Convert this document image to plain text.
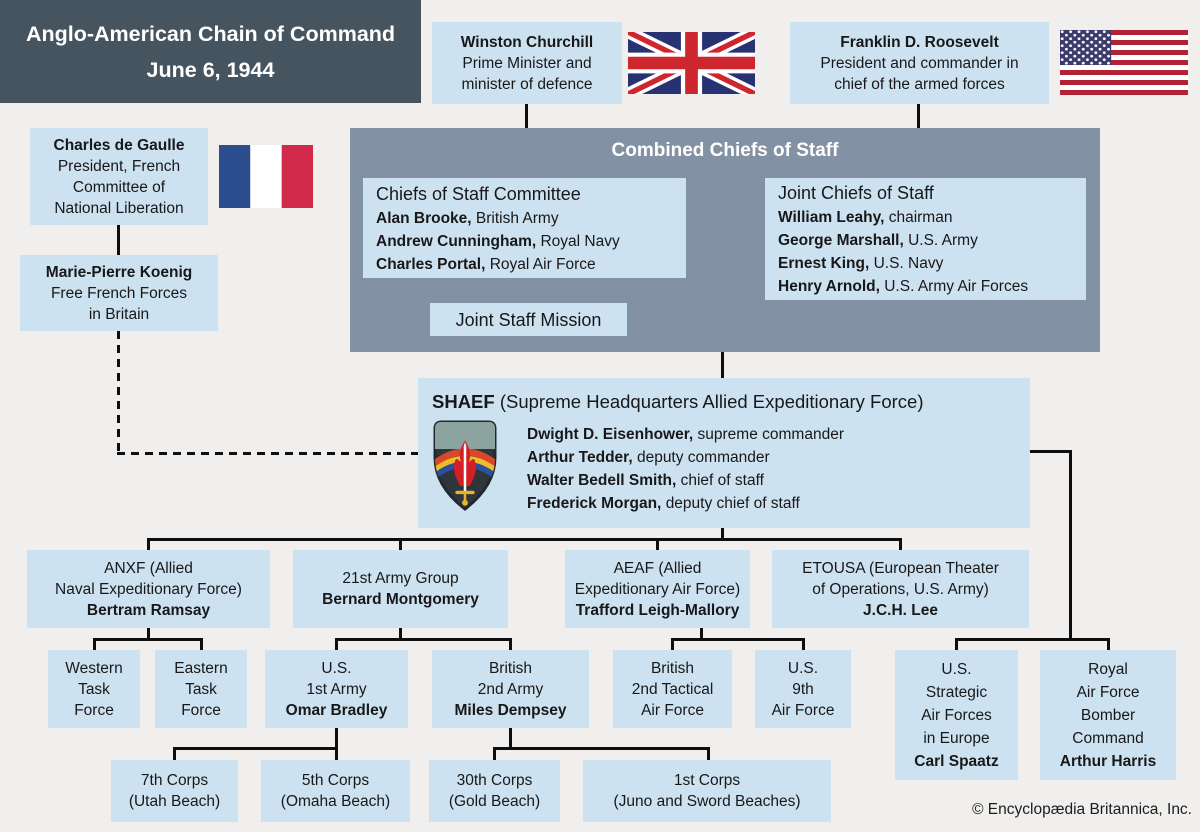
Anglo-American Chain of Command
June 6, 1944
Winston Churchill
Prime Minister and
minister of defence
Franklin D. Roosevelt
President and commander in
chief of the armed forces
Charles de Gaulle
President, French
Committee of
National Liberation
Marie-Pierre Koenig
Free French Forces
in Britain
Combined Chiefs of Staff
Chiefs of Staff Committee
Alan Brooke, British Army
Andrew Cunningham, Royal Navy
Charles Portal, Royal Air Force
Joint Chiefs of Staff
William Leahy, chairman
George Marshall, U.S. Army
Ernest King, U.S. Navy
Henry Arnold, U.S. Army Air Forces
Joint Staff Mission
SHAEF (Supreme Headquarters Allied Expeditionary Force)
Dwight D. Eisenhower, supreme commander
Arthur Tedder, deputy commander
Walter Bedell Smith, chief of staff
Frederick Morgan, deputy chief of staff
ANXF (Allied
Naval Expeditionary Force)
Bertram Ramsay
21st Army Group
Bernard Montgomery
AEAF (Allied
Expeditionary Air Force)
Trafford Leigh-Mallory
ETOUSA (European Theater
of Operations, U.S. Army)
J.C.H. Lee
Western
Task
Force
Eastern
Task
Force
U.S.
1st Army
Omar Bradley
British
2nd Army
Miles Dempsey
British
2nd Tactical
Air Force
U.S.
9th
Air Force
U.S.
Strategic
Air Forces
in Europe
Carl Spaatz
Royal
Air Force
Bomber
Command
Arthur Harris
7th Corps
(Utah Beach)
5th Corps
(Omaha Beach)
30th Corps
(Gold Beach)
1st Corps
(Juno and Sword Beaches)	© Encyclopædia Britannica, Inc.
